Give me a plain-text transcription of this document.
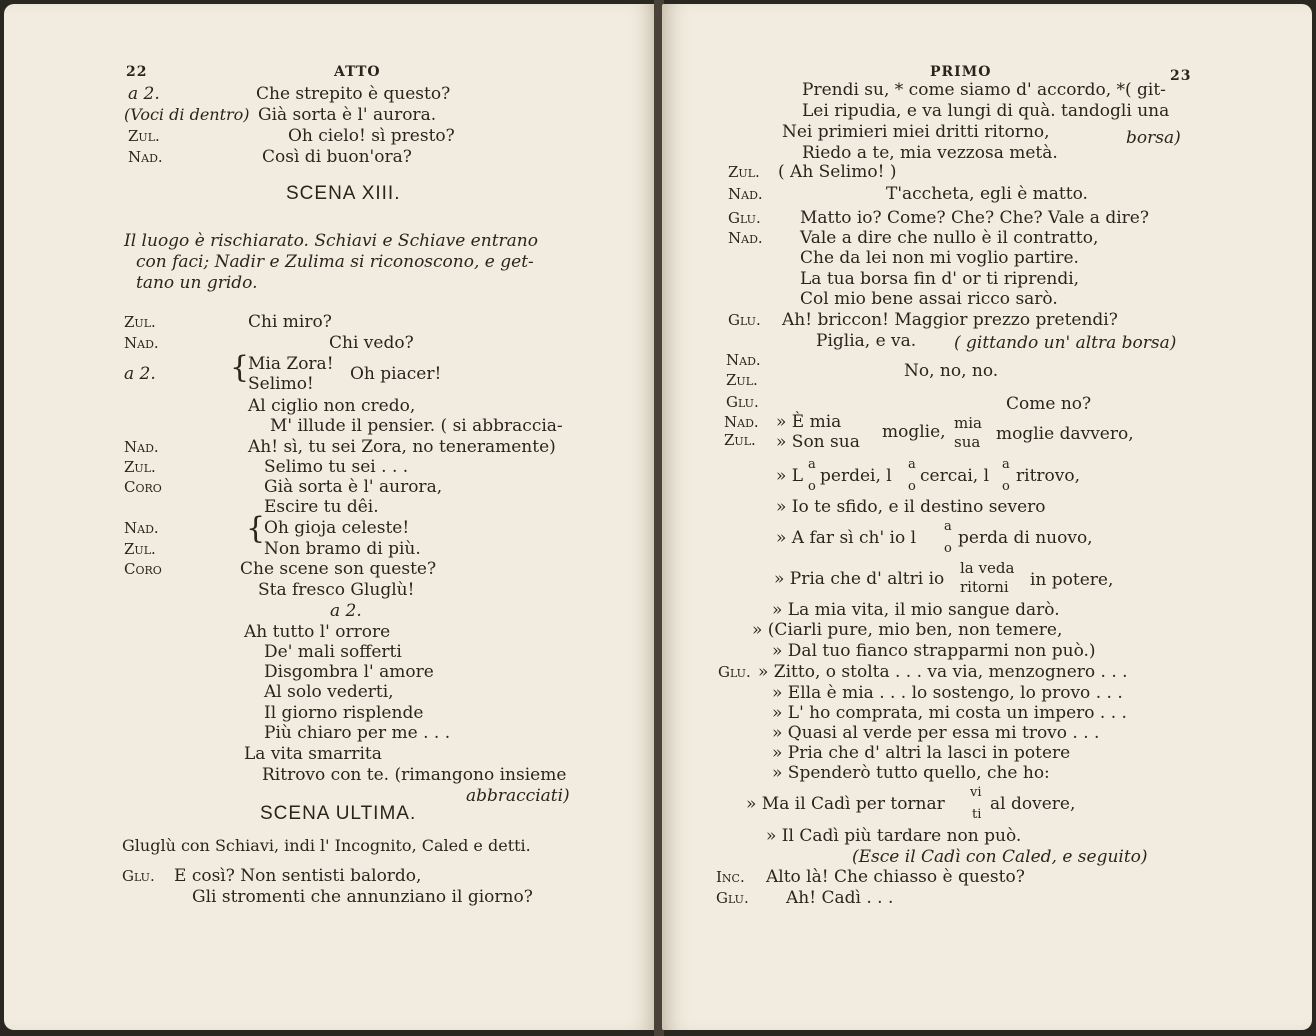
22	ATTO
a 2.	Che strepito è questo?
(Voci di dentro) Già sorta è l' aurora.
Zul.	Oh cielo! sì presto?
Nad.	Così di buon'ora?
SCENA XIII.
Il luogo è rischiarato. Schiavi e Schiave entrano
con faci; Nadir e Zulima si riconoscono, e get-
tano un grido.
Zul.	Chi miro?
Nad.	Chi vedo?
a 2. {
Mia Zora!
Selimo! Oh piacer!
Al ciglio non credo,
M' illude il pensier. ( si abbraccia-
Nad.	Ah! sì, tu sei Zora, no teneramente)
Zul.	Selimo tu sei . . .
Coro	Già sorta è l' aurora,
Escire tu dêi.
{
Nad.	Oh gioja celeste!
Zul.	Non bramo di più.
Coro	Che scene son queste?
Sta fresco Gluglù!
a 2.
Ah tutto l' orrore
De' mali sofferti
Disgombra l' amore
Al solo vederti,
Il giorno risplende
Più chiaro per me . . .
La vita smarrita
Ritrovo con te. (rimangono insieme
abbracciati)
SCENA ULTIMA.
Gluglù con Schiavi, indi l' Incognito, Caled e detti.
Glu. E così? Non sentisti balordo,
Gli stromenti che annunziano il giorno?
PRIMO	23
Prendi su, * come siamo d' accordo, *( git-
Lei ripudia, e va lungi di quà. tandogli una
Nei primieri miei dritti ritorno,	borsa)
Riedo a te, mia vezzosa metà.
Zul. ( Ah Selimo! )
Nad.	T'accheta, egli è matto.
Glu. Matto io? Come? Che? Che? Vale a dire?
Nad. Vale a dire che nullo è il contratto,
Che da lei non mi voglio partire.
La tua borsa fin d' or ti riprendi,
Col mio bene assai ricco sarò.
Glu. Ah! briccon! Maggior prezzo pretendi?
Piglia, e va. ( gittando un' altra borsa)
Nad.
Zul.	No, no, no.
Glu.	Come no?
Nad.
Zul.
» È mia
» Son sua moglie, mia
sua moglie davvero,
» L
a
o
perdei, l
a
o
cercai, l
a
o
ritrovo,
» Io te sfido, e il destino severo
» A far sì ch' io l
a
o
perda di nuovo,
» Pria che d' altri io
la veda
ritorni in potere,
» La mia vita, il mio sangue darò.
» (Ciarli pure, mio ben, non temere,
» Dal tuo fianco strapparmi non può.)
Glu. » Zitto, o stolta . . . va via, menzognero . . .
» Ella è mia . . . lo sostengo, lo provo . . .
» L' ho comprata, mi costa un impero . . .
» Quasi al verde per essa mi trovo . . .
» Pria che d' altri la lasci in potere
» Spenderò tutto quello, che ho:
» Ma il Cadì per tornar
vi
ti
al dovere,
» Il Cadì più tardare non può.
(Esce il Cadì con Caled, e seguito)
Inc. Alto là! Che chiasso è questo?
Glu. Ah! Cadì . . .
